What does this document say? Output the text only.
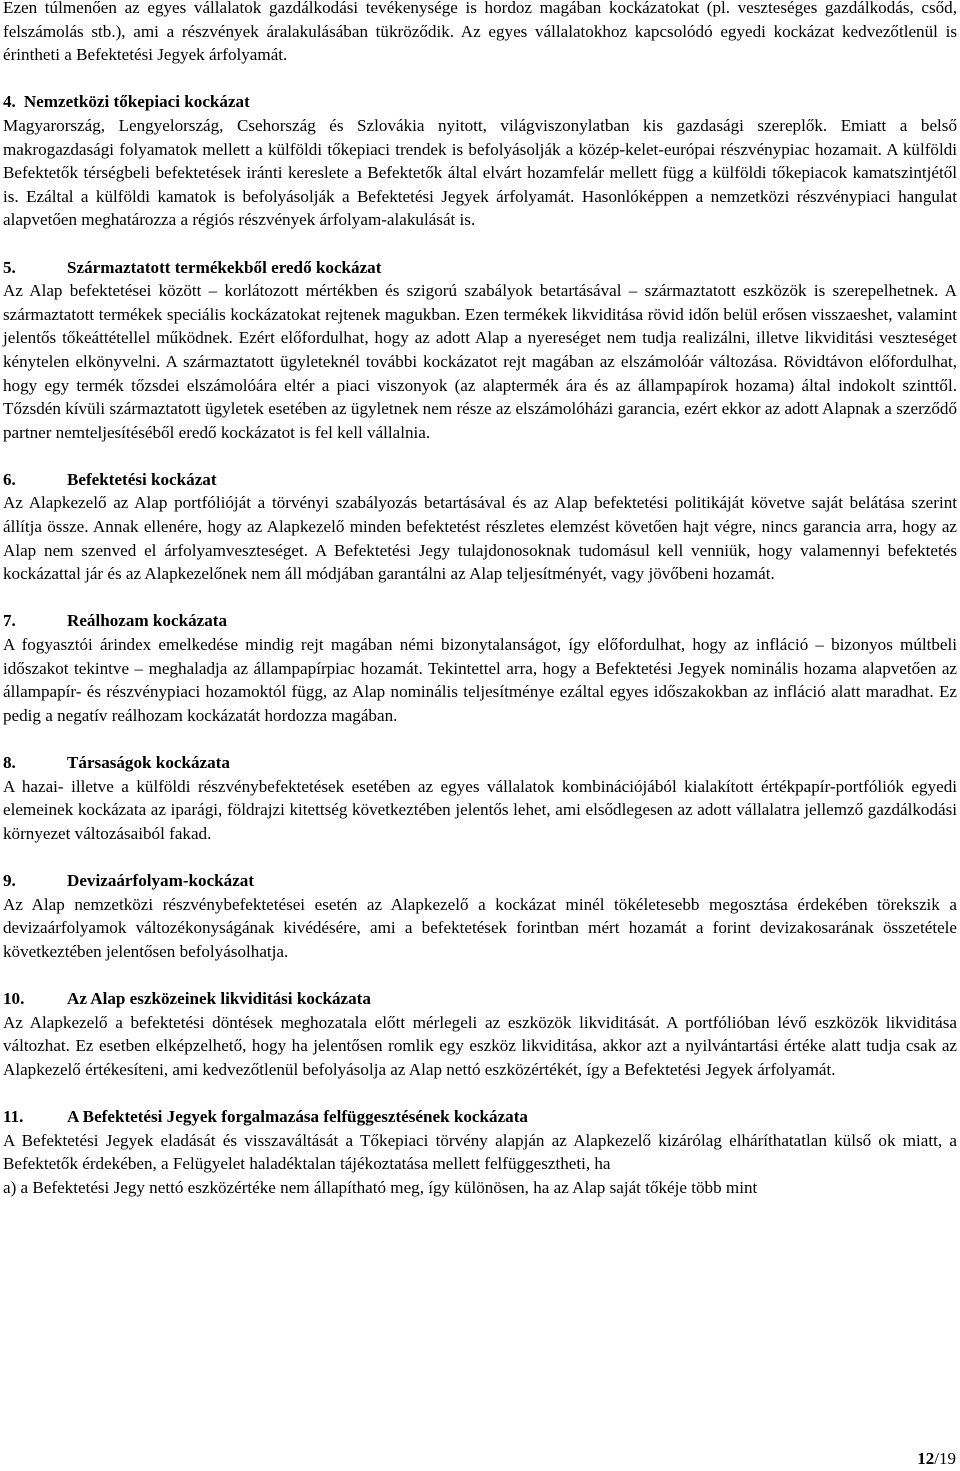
Ezen túlmenően az egyes vállalatok gazdálkodási tevékenysége is hordoz magában kockázatokat (pl. veszteséges gazdálkodás, csőd, felszámolás stb.), ami a részvények áralakulásában tükröződik. Az egyes vállalatokhoz kapcsolódó egyedi kockázat kedvezőtlenül is érintheti a Befektetési Jegyek árfolyamát.

4. Nemzetközi tőkepiaci kockázat

Magyarország, Lengyelország, Csehország és Szlovákia nyitott, világviszonylatban kis gazdasági szereplők. Emiatt a belső makrogazdasági folyamatok mellett a külföldi tőkepiaci trendek is befolyásolják a közép-kelet-európai részvénypiac hozamait. A külföldi Befektetők térségbeli befektetések iránti kereslete a Befektetők által elvárt hozamfelár mellett függ a külföldi tőkepiacok kamatszintjétől is. Ezáltal a külföldi kamatok is befolyásolják a Befektetési Jegyek árfolyamát. Hasonlóképpen a nemzetközi részvénypiaci hangulat alapvetően meghatározza a régiós részvények árfolyam-alakulását is.

5.	Származtatott termékekből eredő kockázat

Az Alap befektetései között – korlátozott mértékben és szigorú szabályok betartásával – származtatott eszközök is szerepelhetnek. A származtatott termékek speciális kockázatokat rejtenek magukban. Ezen termékek likviditása rövid időn belül erősen visszaeshet, valamint jelentős tőkeáttétellel működnek. Ezért előfordulhat, hogy az adott Alap a nyereséget nem tudja realizálni, illetve likviditási veszteséget kénytelen elkönyvelni. A származtatott ügyleteknél további kockázatot rejt magában az elszámolóár változása. Rövidtávon előfordulhat, hogy egy termék tőzsdei elszámolóára eltér a piaci viszonyok (az alaptermék ára és az állampapírok hozama) által indokolt szinttől. Tőzsdén kívüli származtatott ügyletek esetében az ügyletnek nem része az elszámolóházi garancia, ezért ekkor az adott Alapnak a szerződő partner nemteljesítéséből eredő kockázatot is fel kell vállalnia.

6.	Befektetési kockázat

Az Alapkezelő az Alap portfólióját a törvényi szabályozás betartásával és az Alap befektetési politikáját követve saját belátása szerint állítja össze. Annak ellenére, hogy az Alapkezelő minden befektetést részletes elemzést követően hajt végre, nincs garancia arra, hogy az Alap nem szenved el árfolyamveszteséget. A Befektetési Jegy tulajdonosoknak tudomásul kell venniük, hogy valamennyi befektetés kockázattal jár és az Alapkezelőnek nem áll módjában garantálni az Alap teljesítményét, vagy jövőbeni hozamát.

7.	Reálhozam kockázata

A fogyasztói árindex emelkedése mindig rejt magában némi bizonytalanságot, így előfordulhat, hogy az infláció – bizonyos múltbeli időszakot tekintve – meghaladja az állampapírpiac hozamát. Tekintettel arra, hogy a Befektetési Jegyek nominális hozama alapvetően az állampapír- és részvénypiaci hozamoktól függ, az Alap nominális teljesítménye ezáltal egyes időszakokban az infláció alatt maradhat. Ez pedig a negatív reálhozam kockázatát hordozza magában.

8.	Társaságok kockázata

A hazai- illetve a külföldi részvénybefektetések esetében az egyes vállalatok kombinációjából kialakított értékpapír-portfóliók egyedi elemeinek kockázata az iparági, földrajzi kitettség következtében jelentős lehet, ami elsődlegesen az adott vállalatra jellemző gazdálkodási környezet változásaiból fakad.

9.	Devizaárfolyam-kockázat

Az Alap nemzetközi részvénybefektetései esetén az Alapkezelő a kockázat minél tökéletesebb megosztása érdekében törekszik a devizaárfolyamok változékonyságának kivédésére, ami a befektetések forintban mért hozamát a forint devizakosarának összetétele következtében jelentősen befolyásolhatja.

10. Az Alap eszközeinek likviditási kockázata

Az Alapkezelő a befektetési döntések meghozatala előtt mérlegeli az eszközök likviditását. A portfólióban lévő eszközök likviditása változhat. Ez esetben elképzelhető, hogy ha jelentősen romlik egy eszköz likviditása, akkor azt a nyilvántartási értéke alatt tudja csak az Alapkezelő értékesíteni, ami kedvezőtlenül befolyásolja az Alap nettó eszközértékét, így a Befektetési Jegyek árfolyamát.

11.	A Befektetési Jegyek forgalmazása felfüggesztésének kockázata

A Befektetési Jegyek eladását és visszaváltását a Tőkepiaci törvény alapján az Alapkezelő kizárólag elháríthatatlan külső ok miatt, a Befektetők érdekében, a Felügyelet haladéktalan tájékoztatása mellett felfüggesztheti, ha

a) a Befektetési Jegy nettó eszközértéke nem állapítható meg, így különösen, ha az Alap saját tőkéje több mint

12/19
